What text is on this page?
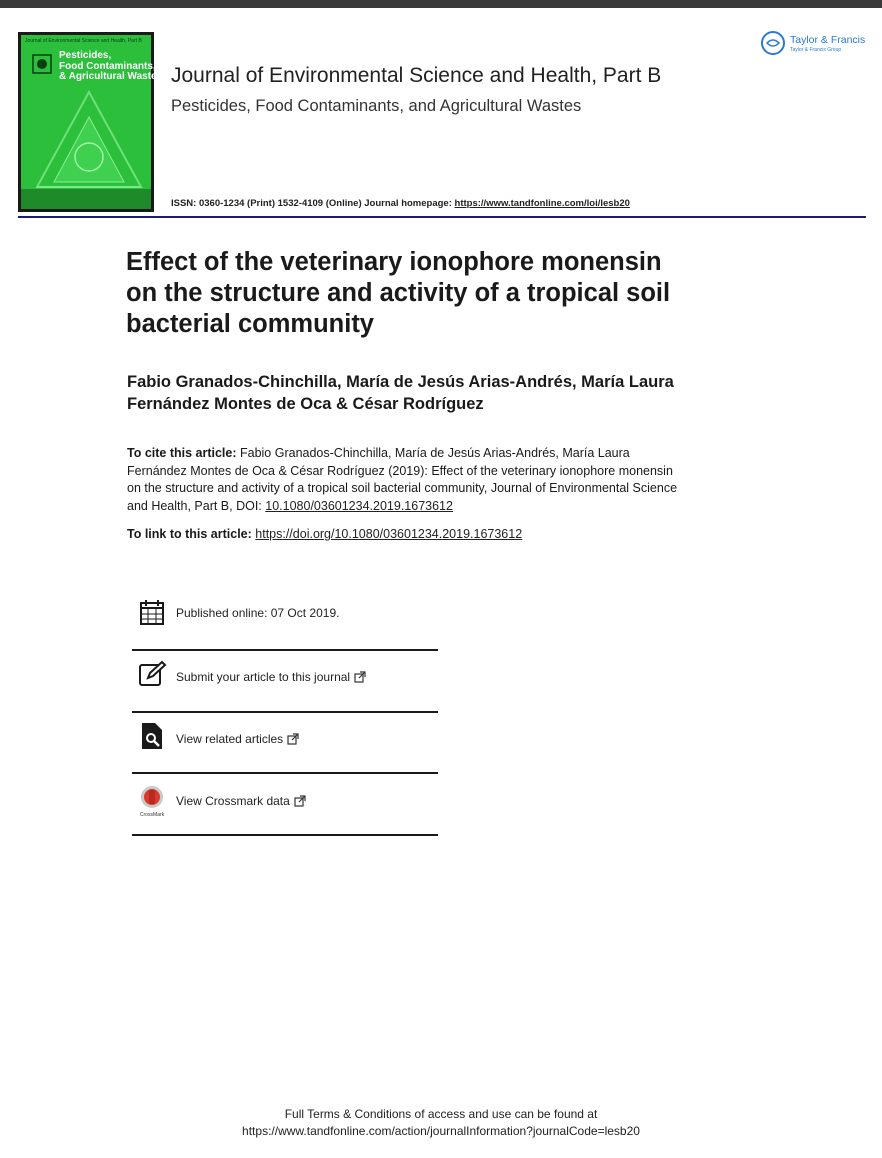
Journal of Environmental Science and Health, Part B
Pesticides,
Food Contaminants,
& Agricultural Wastes Journal of Environmental Science and Health, Part B
Pesticides, Food Contaminants, and Agricultural Wastes
ISSN: 0360-1234 (Print) 1532-4109 (Online) Journal homepage: https://www.tandfonline.com/loi/lesb20
Taylor & Francis
Taylor & Francis Group
Effect of the veterinary ionophore monensin
on the structure and activity of a tropical soil
bacterial community
Fabio Granados-Chinchilla, María de Jesús Arias-Andrés, María Laura
Fernández Montes de Oca & César Rodríguez
To cite this article: Fabio Granados-Chinchilla, María de Jesús Arias-Andrés, María Laura
Fernández Montes de Oca & César Rodríguez (2019): Effect of the veterinary ionophore monensin
on the structure and activity of a tropical soil bacterial community, Journal of Environmental Science
and Health, Part B, DOI: 10.1080/03601234.2019.1673612
To link to this article: https://doi.org/10.1080/03601234.2019.1673612
Published online: 07 Oct 2019.
Submit your article to this journal
View related articles
CrossMark
View Crossmark data
Full Terms & Conditions of access and use can be found at
https://www.tandfonline.com/action/journalInformation?journalCode=lesb20
